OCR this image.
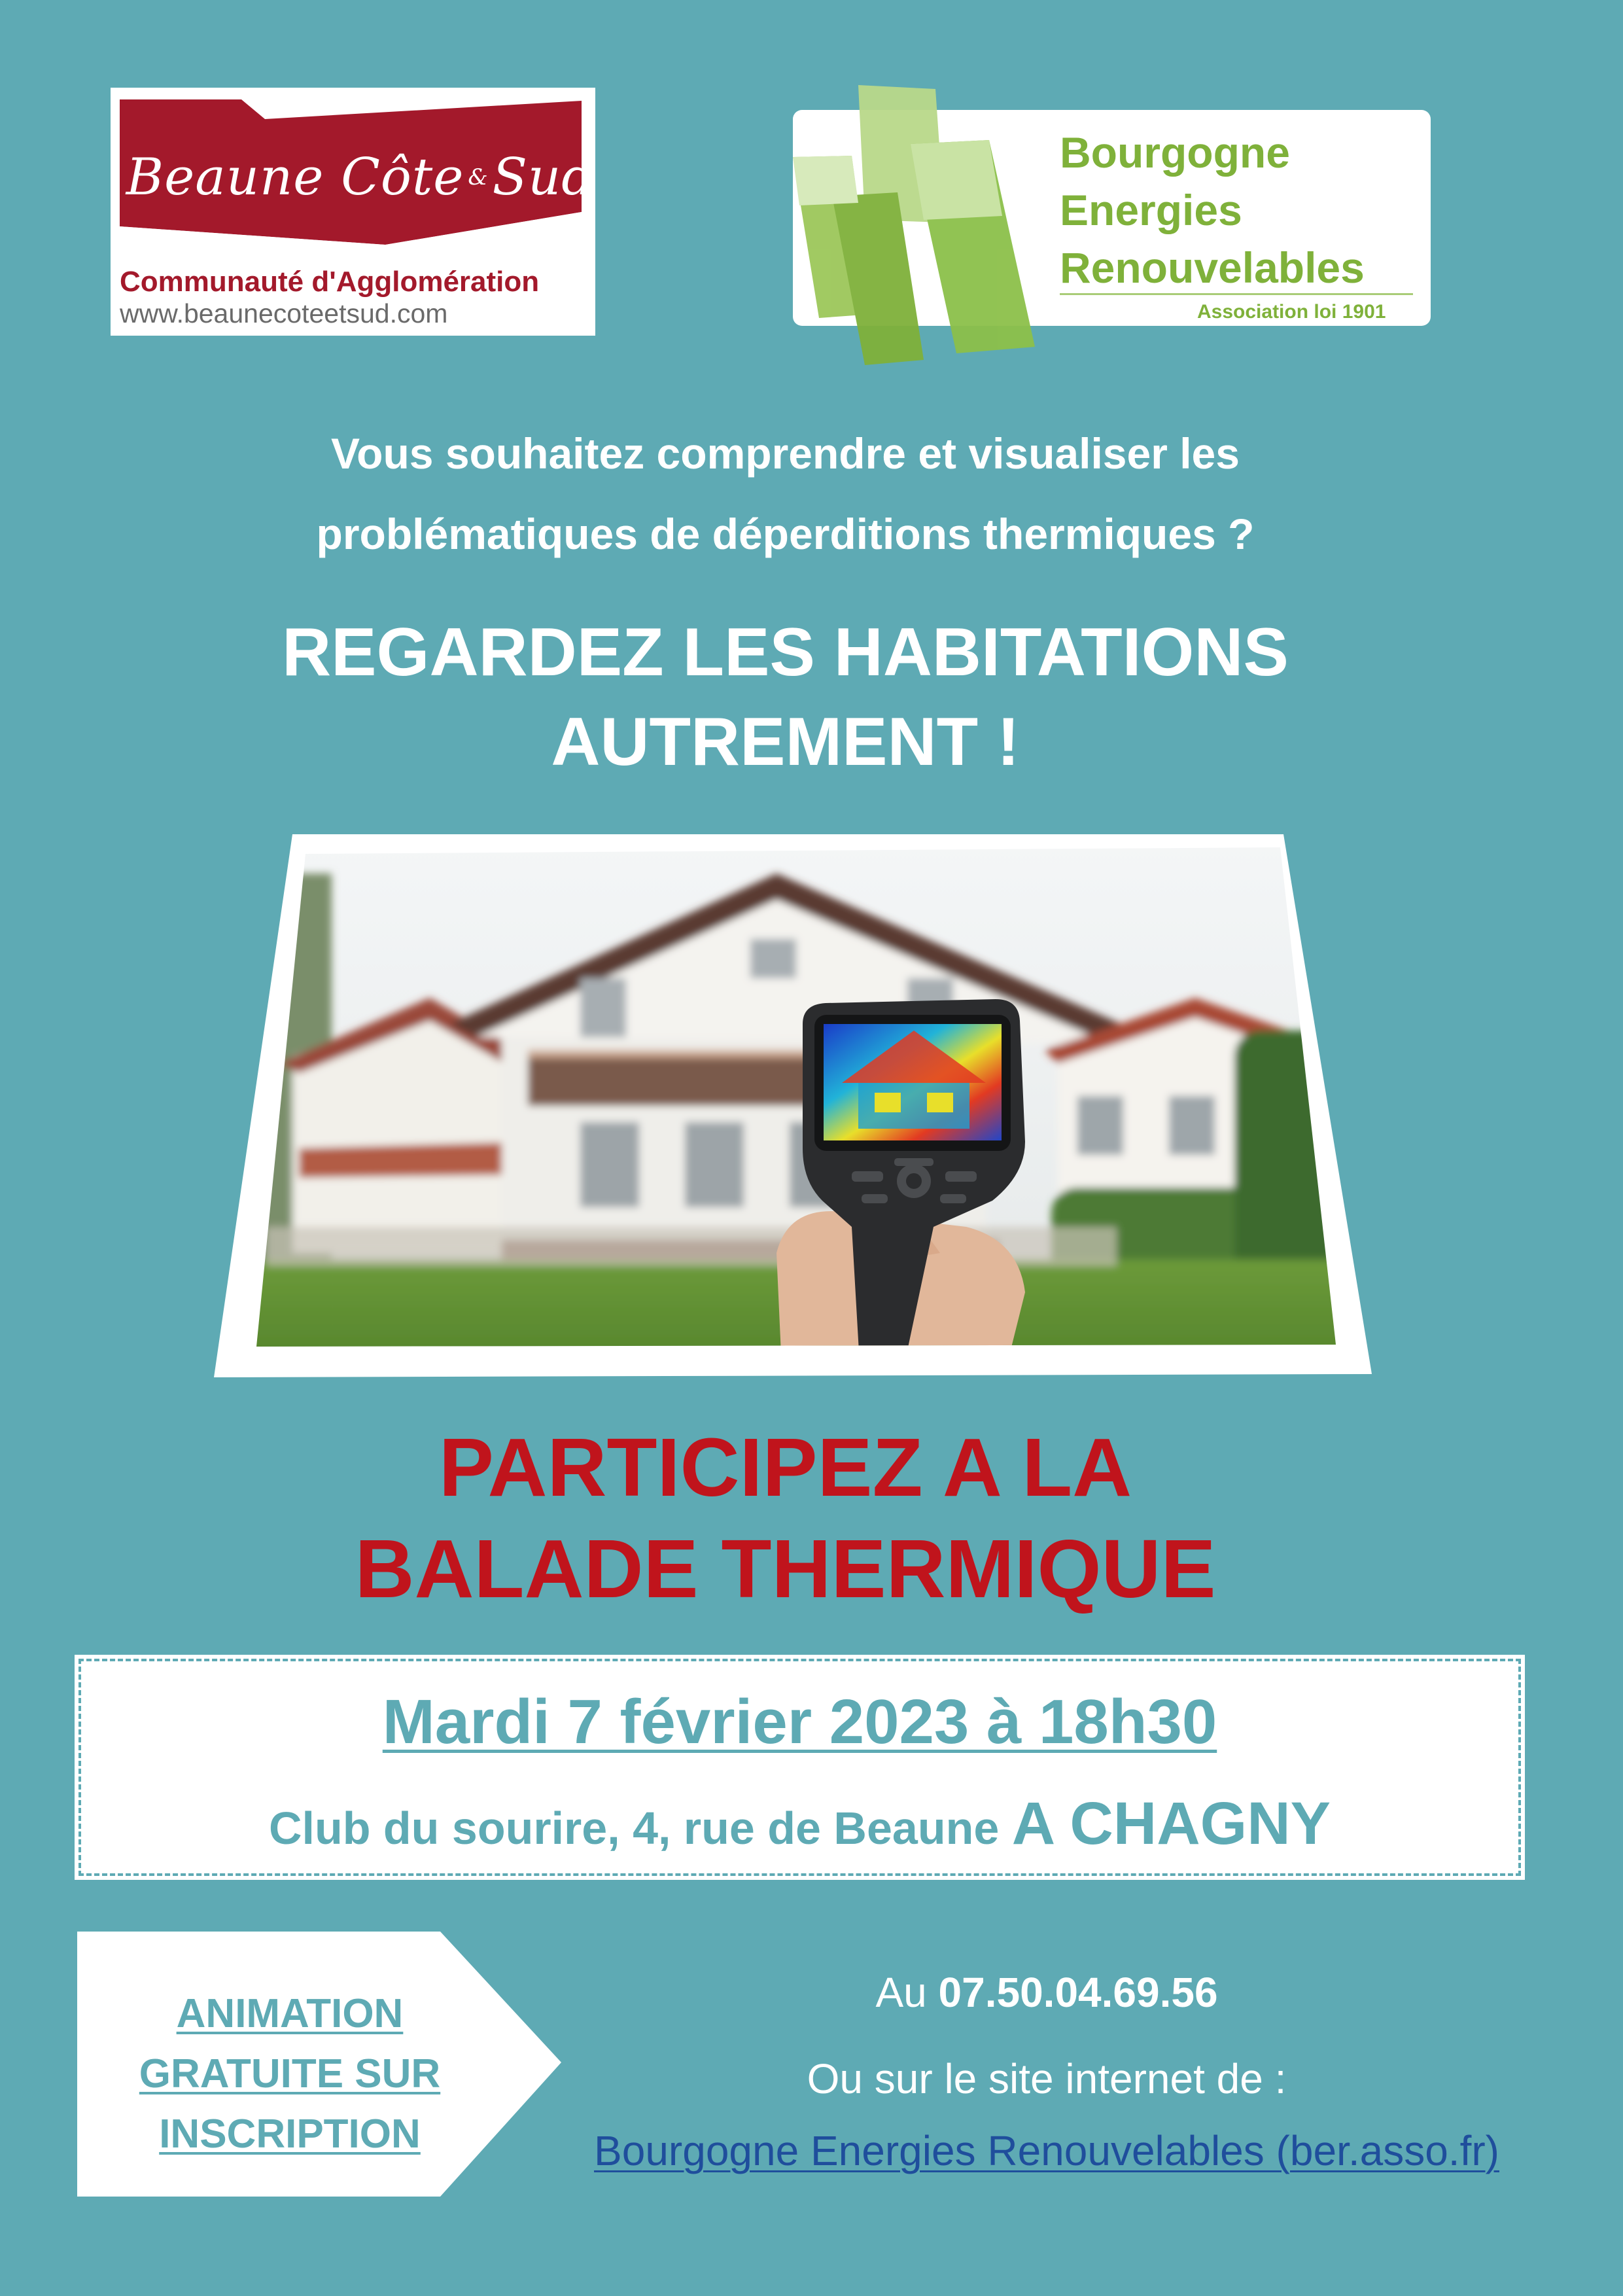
Beaune
Côte & Sud
Communauté d'Agglomération
www.beaunecoteetsud.com
Bourgogne
Energies
Renouvelables
Association loi 1901
Vous souhaitez comprendre et visualiser les
problématiques de déperditions thermiques ?
REGARDEZ LES HABITATIONS
AUTREMENT !
PARTICIPEZ A LA
BALADE THERMIQUE
Mardi 7 février 2023 à 18h30
Club du sourire, 4, rue de Beaune A CHAGNY
ANIMATION
GRATUITE SUR
INSCRIPTION
Au 07.50.04.69.56
Ou sur le site internet de :
Bourgogne Energies Renouvelables (ber.asso.fr)
